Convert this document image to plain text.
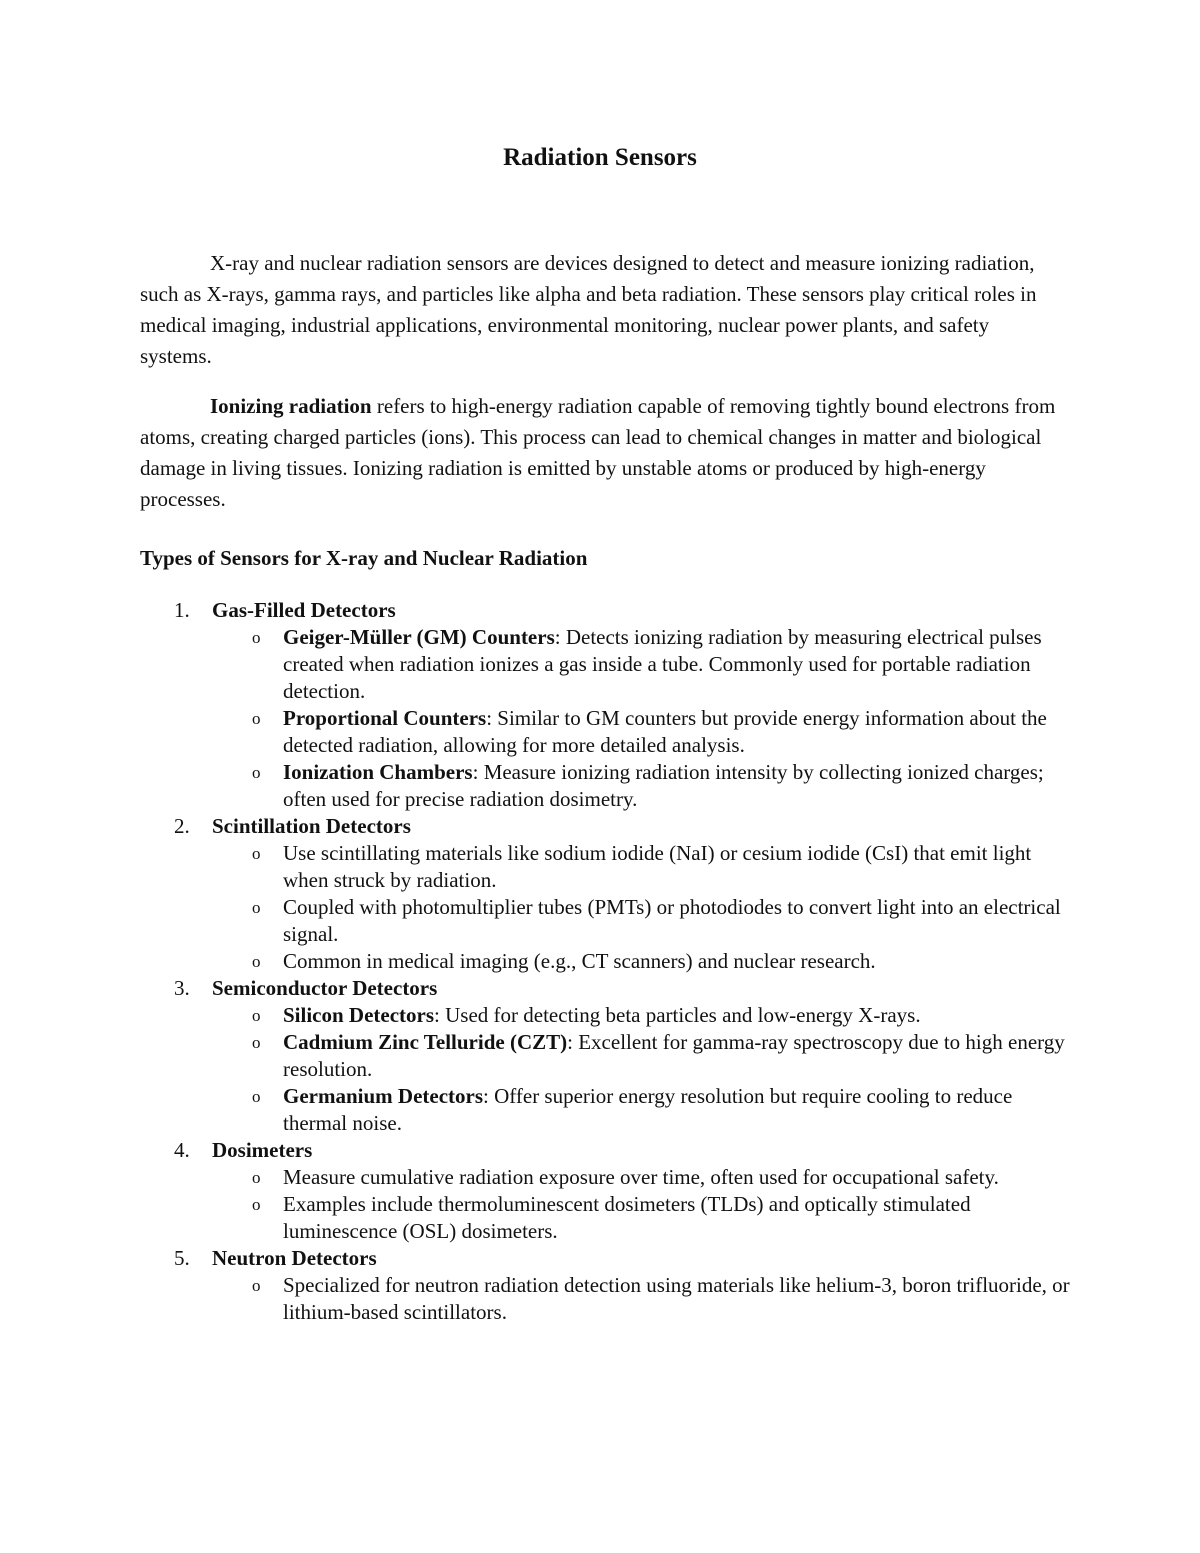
Radiation Sensors

X-ray and nuclear radiation sensors are devices designed to detect and measure ionizing radiation, such as X-rays, gamma rays, and particles like alpha and beta radiation. These sensors play critical roles in medical imaging, industrial applications, environmental monitoring, nuclear power plants, and safety systems.

Ionizing radiation refers to high-energy radiation capable of removing tightly bound electrons from atoms, creating charged particles (ions). This process can lead to chemical changes in matter and biological damage in living tissues. Ionizing radiation is emitted by unstable atoms or produced by high-energy processes.

Types of Sensors for X-ray and Nuclear Radiation
1. Gas-Filled Detectors
o Geiger-Müller (GM) Counters: Detects ionizing radiation by measuring electrical pulses created when radiation ionizes a gas inside a tube. Commonly used for portable radiation detection.
o Proportional Counters: Similar to GM counters but provide energy information about the detected radiation, allowing for more detailed analysis.
o Ionization Chambers: Measure ionizing radiation intensity by collecting ionized charges; often used for precise radiation dosimetry.
2. Scintillation Detectors
o Use scintillating materials like sodium iodide (NaI) or cesium iodide (CsI) that emit light when struck by radiation.
o Coupled with photomultiplier tubes (PMTs) or photodiodes to convert light into an electrical signal.
o Common in medical imaging (e.g., CT scanners) and nuclear research.
3. Semiconductor Detectors
o Silicon Detectors: Used for detecting beta particles and low-energy X-rays.
o Cadmium Zinc Telluride (CZT): Excellent for gamma-ray spectroscopy due to high energy resolution.
o Germanium Detectors: Offer superior energy resolution but require cooling to reduce thermal noise.
4. Dosimeters
o Measure cumulative radiation exposure over time, often used for occupational safety.
o Examples include thermoluminescent dosimeters (TLDs) and optically stimulated luminescence (OSL) dosimeters.
5. Neutron Detectors
o Specialized for neutron radiation detection using materials like helium-3, boron trifluoride, or lithium-based scintillators.
